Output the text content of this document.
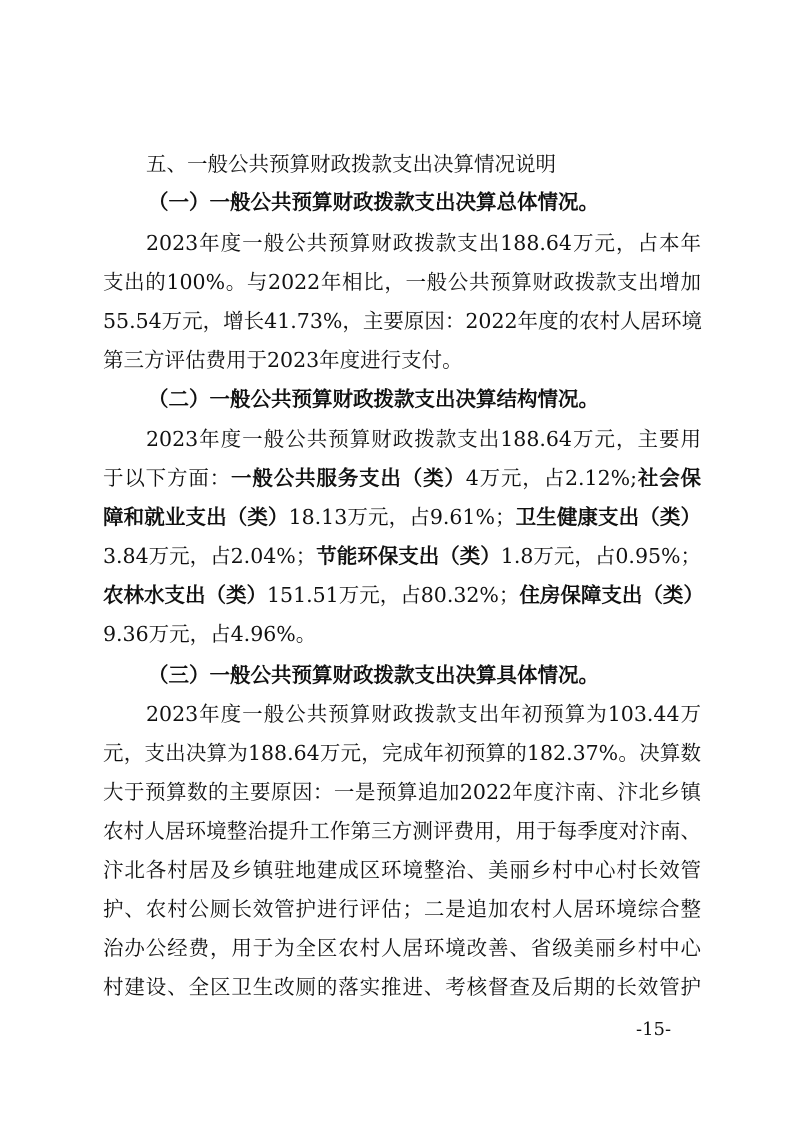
五、一般公共预算财政拨款支出决算情况说明
（一）一般公共预算财政拨款支出决算总体情况。
2023年度一般公共预算财政拨款支出188.64万元，占本年
支出的100%。与2022年相比，一般公共预算财政拨款支出增加
55.54万元，增长41.73%，主要原因：2022年度的农村人居环境
第三方评估费用于2023年度进行支付。
（二）一般公共预算财政拨款支出决算结构情况。
2023年度一般公共预算财政拨款支出188.64万元，主要用
于以下方面：一般公共服务支出（类）4万元，占2.12%;社会保
障和就业支出（类）18.13万元，占9.61%；卫生健康支出（类）
3.84万元，占2.04%；节能环保支出（类）1.8万元，占0.95%；
农林水支出（类）151.51万元，占80.32%；住房保障支出（类）
9.36万元，占4.96%。
（三）一般公共预算财政拨款支出决算具体情况。
2023年度一般公共预算财政拨款支出年初预算为103.44万
元，支出决算为188.64万元，完成年初预算的182.37%。决算数
大于预算数的主要原因：一是预算追加2022年度汴南、汴北乡镇
农村人居环境整治提升工作第三方测评费用，用于每季度对汴南、
汴北各村居及乡镇驻地建成区环境整治、美丽乡村中心村长效管
护、农村公厕长效管护进行评估；二是追加农村人居环境综合整
治办公经费，用于为全区农村人居环境改善、省级美丽乡村中心
村建设、全区卫生改厕的落实推进、考核督查及后期的长效管护
-15-
